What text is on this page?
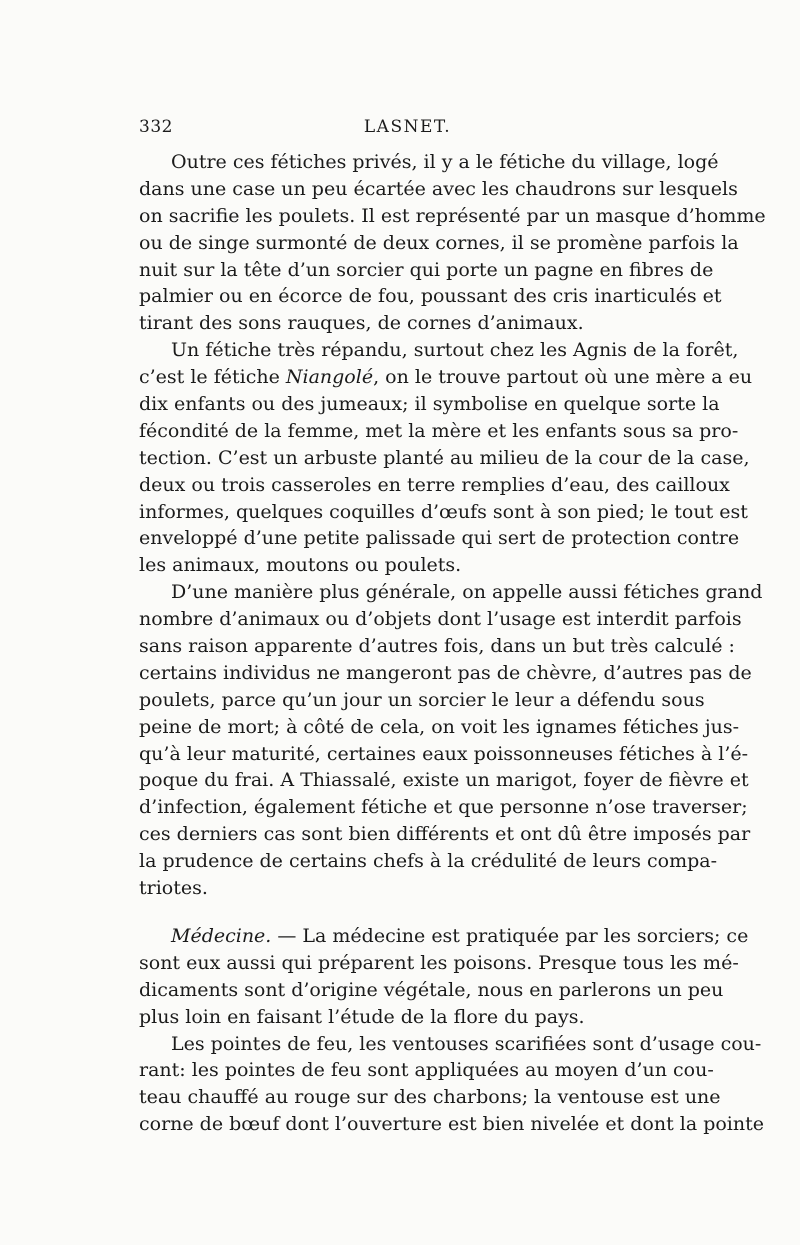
332	LASNET.
Outre ces fétiches privés, il y a le fétiche du village, logé
dans une case un peu écartée avec les chaudrons sur lesquels
on sacrifie les poulets. Il est représenté par un masque d’homme
ou de singe surmonté de deux cornes, il se promène parfois la
nuit sur la tête d’un sorcier qui porte un pagne en fibres de
palmier ou en écorce de fou, poussant des cris inarticulés et
tirant des sons rauques, de cornes d’animaux.
Un fétiche très répandu, surtout chez les Agnis de la forêt,
c’est le fétiche Niangolé, on le trouve partout où une mère a eu
dix enfants ou des jumeaux; il symbolise en quelque sorte la
fécondité de la femme, met la mère et les enfants sous sa pro-
tection. C’est un arbuste planté au milieu de la cour de la case,
deux ou trois casseroles en terre remplies d’eau, des cailloux
informes, quelques coquilles d’œufs sont à son pied; le tout est
enveloppé d’une petite palissade qui sert de protection contre
les animaux, moutons ou poulets.
D’une manière plus générale, on appelle aussi fétiches grand
nombre d’animaux ou d’objets dont l’usage est interdit parfois
sans raison apparente d’autres fois, dans un but très calculé :
certains individus ne mangeront pas de chèvre, d’autres pas de
poulets, parce qu’un jour un sorcier le leur a défendu sous
peine de mort; à côté de cela, on voit les ignames fétiches jus-
qu’à leur maturité, certaines eaux poissonneuses fétiches à l’é-
poque du frai. A Thiassalé, existe un marigot, foyer de fièvre et
d’infection, également fétiche et que personne n’ose traverser;
ces derniers cas sont bien différents et ont dû être imposés par
la prudence de certains chefs à la crédulité de leurs compa-
triotes.
Médecine. — La médecine est pratiquée par les sorciers; ce
sont eux aussi qui préparent les poisons. Presque tous les mé-
dicaments sont d’origine végétale, nous en parlerons un peu
plus loin en faisant l’étude de la flore du pays.
Les pointes de feu, les ventouses scarifiées sont d’usage cou-
rant: les pointes de feu sont appliquées au moyen d’un cou-
teau chauffé au rouge sur des charbons; la ventouse est une
corne de bœuf dont l’ouverture est bien nivelée et dont la pointe
